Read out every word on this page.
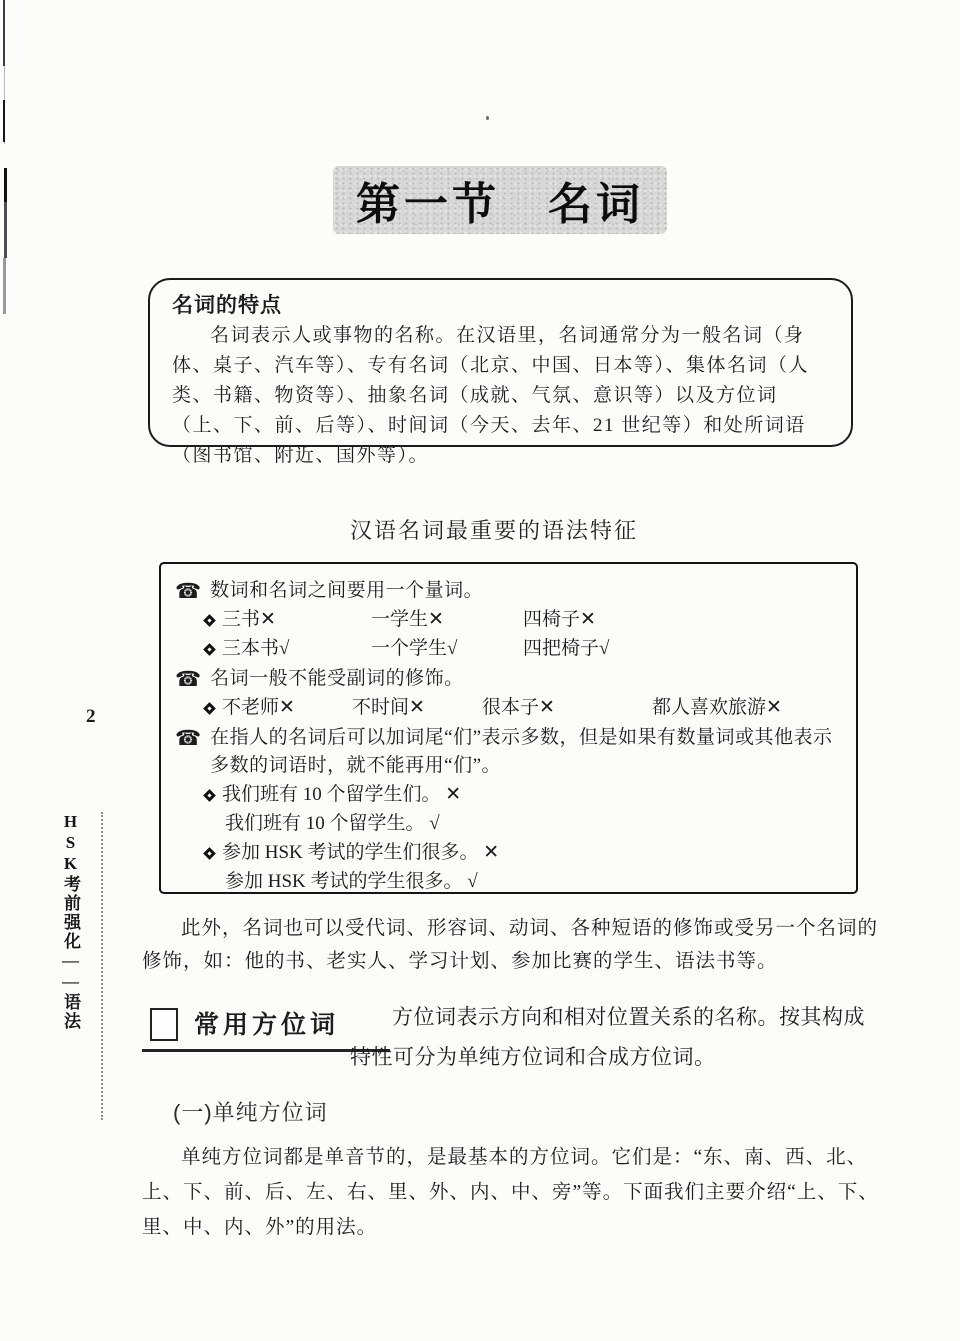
第一节　名词
名词的特点

名词表示人或事物的名称。在汉语里，名词通常分为一般名词（身体、桌子、汽车等）、专有名词（北京、中国、日本等）、集体名词（人类、书籍、物资等）、抽象名词（成就、气氛、意识等）以及方位词（上、下、前、后等）、时间词（今天、去年、21 世纪等）和处所词语（图书馆、附近、国外等）。

汉语名词最重要的语法特征
☎ 数词和名词之间要用一个量词。
三书✕	一学生✕	四椅子✕
三本书√	一个学生√	四把椅子√
☎ 名词一般不能受副词的修饰。
不老师✕	不时间✕	很本子✕	都人喜欢旅游✕
☎ 在指人的名词后可以加词尾“们”表示多数，但是如果有数量词或其他表示多数的词语时，就不能再用“们”。
我们班有 10 个留学生们。 ✕
我们班有 10 个留学生。 √
参加 HSK 考试的学生们很多。 ✕
参加 HSK 考试的学生很多。 √

此外，名词也可以受代词、形容词、动词、各种短语的修饰或受另一个名词的修饰，如：他的书、老实人、学习计划、参加比赛的学生、语法书等。

常用方位词	方位词表示方向和相对位置关系的名称。按其构成特性可分为单纯方位词和合成方位词。

(一)单纯方位词

单纯方位词都是单音节的，是最基本的方位词。它们是：“东、南、西、北、上、下、前、后、左、右、里、外、内、中、旁”等。下面我们主要介绍“上、下、里、中、内、外”的用法。

2
HSK考前强化——语法
